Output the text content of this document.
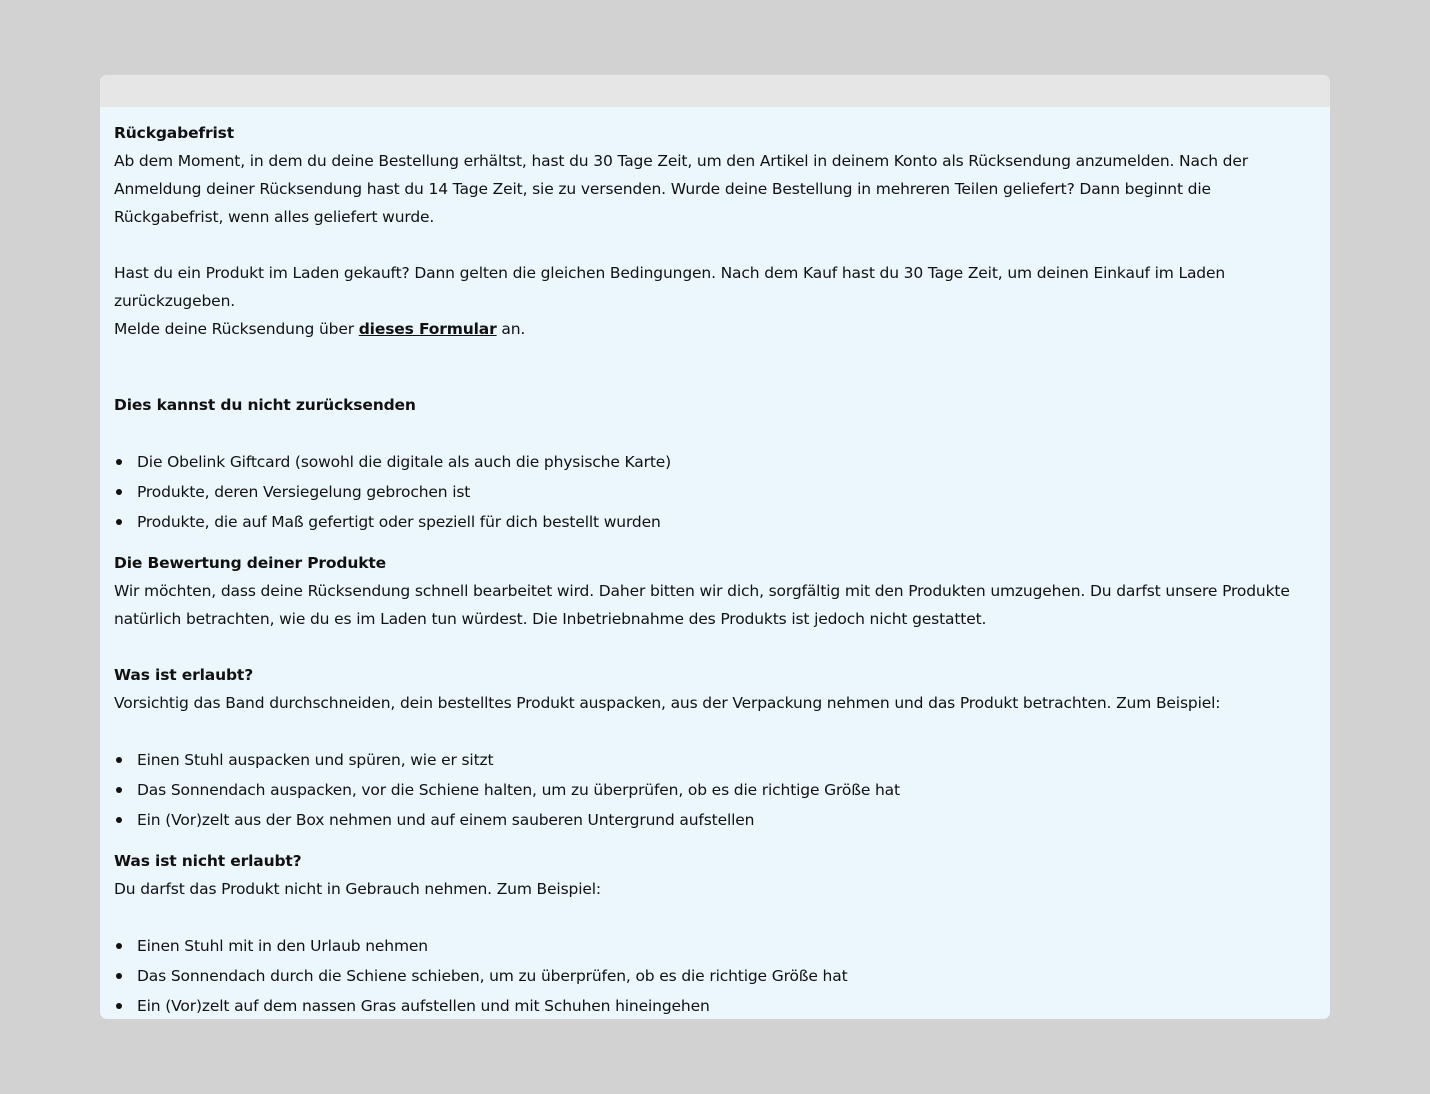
Rückgabefrist

Ab dem Moment, in dem du deine Bestellung erhältst, hast du 30 Tage Zeit, um den Artikel in deinem Konto als Rücksendung anzumelden. Nach der Anmeldung deiner Rücksendung hast du 14 Tage Zeit, sie zu versenden. Wurde deine Bestellung in mehreren Teilen geliefert? Dann beginnt die Rückgabefrist, wenn alles geliefert wurde.

Hast du ein Produkt im Laden gekauft? Dann gelten die gleichen Bedingungen. Nach dem Kauf hast du 30 Tage Zeit, um deinen Einkauf im Laden zurückzugeben.
Melde deine Rücksendung über dieses Formular an.

Dies kannst du nicht zurücksenden

Die Obelink Giftcard (sowohl die digitale als auch die physische Karte)
Produkte, deren Versiegelung gebrochen ist
Produkte, die auf Maß gefertigt oder speziell für dich bestellt wurden

Die Bewertung deiner Produkte

Wir möchten, dass deine Rücksendung schnell bearbeitet wird. Daher bitten wir dich, sorgfältig mit den Produkten umzugehen. Du darfst unsere Produkte natürlich betrachten, wie du es im Laden tun würdest. Die Inbetriebnahme des Produkts ist jedoch nicht gestattet.

Was ist erlaubt?

Vorsichtig das Band durchschneiden, dein bestelltes Produkt auspacken, aus der Verpackung nehmen und das Produkt betrachten. Zum Beispiel:

Einen Stuhl auspacken und spüren, wie er sitzt
Das Sonnendach auspacken, vor die Schiene halten, um zu überprüfen, ob es die richtige Größe hat
Ein (Vor)zelt aus der Box nehmen und auf einem sauberen Untergrund aufstellen

Was ist nicht erlaubt?

Du darfst das Produkt nicht in Gebrauch nehmen. Zum Beispiel:

Einen Stuhl mit in den Urlaub nehmen
Das Sonnendach durch die Schiene schieben, um zu überprüfen, ob es die richtige Größe hat
Ein (Vor)zelt auf dem nassen Gras aufstellen und mit Schuhen hineingehen
